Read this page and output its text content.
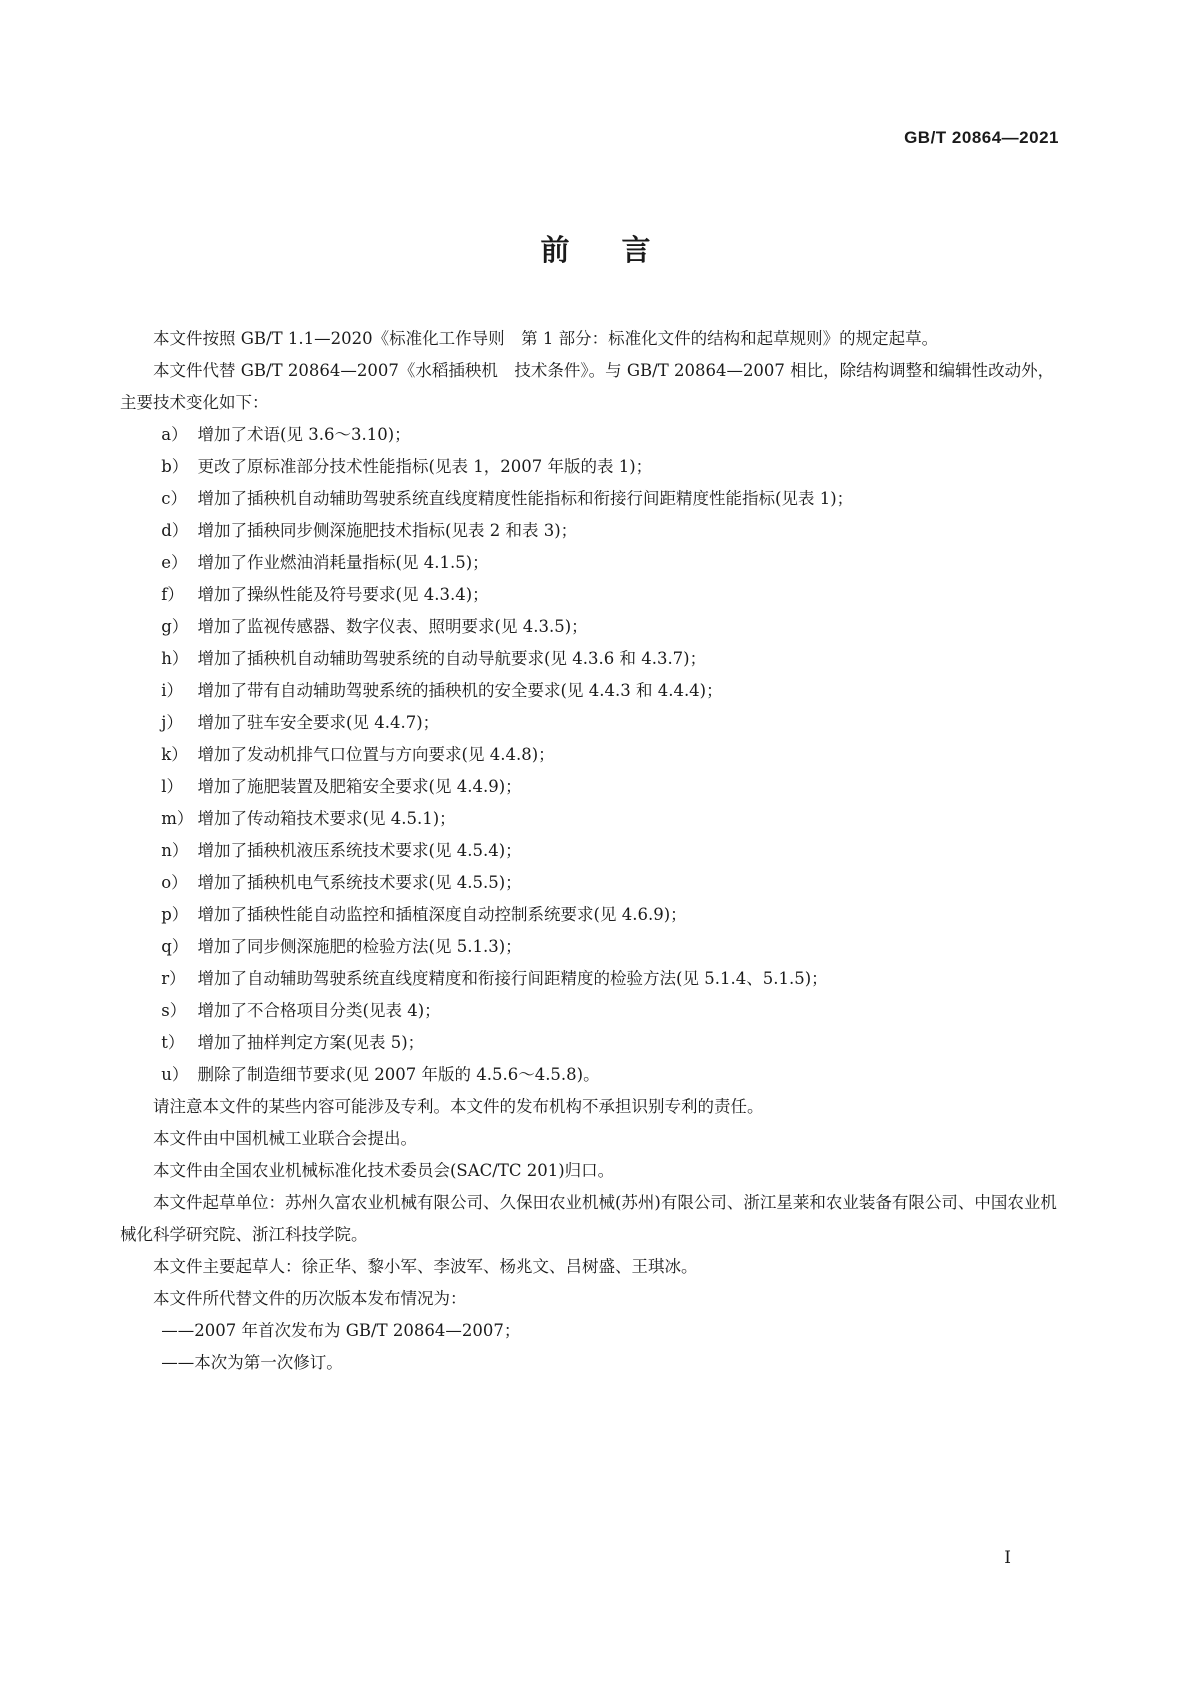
GB/T 20864—2021
前言

本文件按照 GB/T 1.1—2020《标准化工作导则　第 1 部分：标准化文件的结构和起草规则》的规定起草。

本文件代替 GB/T 20864—2007《水稻插秧机　技术条件》。与 GB/T 20864—2007 相比，除结构调整和编辑性改动外，主要技术变化如下：

a） 增加了术语(见 3.6～3.10)；

b） 更改了原标准部分技术性能指标(见表 1，2007 年版的表 1)；

c） 增加了插秧机自动辅助驾驶系统直线度精度性能指标和衔接行间距精度性能指标(见表 1)；

d） 增加了插秧同步侧深施肥技术指标(见表 2 和表 3)；

e） 增加了作业燃油消耗量指标(见 4.1.5)；

f） 增加了操纵性能及符号要求(见 4.3.4)；

g） 增加了监视传感器、数字仪表、照明要求(见 4.3.5)；

h） 增加了插秧机自动辅助驾驶系统的自动导航要求(见 4.3.6 和 4.3.7)；

i） 增加了带有自动辅助驾驶系统的插秧机的安全要求(见 4.4.3 和 4.4.4)；

j） 增加了驻车安全要求(见 4.4.7)；

k） 增加了发动机排气口位置与方向要求(见 4.4.8)；

l） 增加了施肥装置及肥箱安全要求(见 4.4.9)；

m） 增加了传动箱技术要求(见 4.5.1)；

n） 增加了插秧机液压系统技术要求(见 4.5.4)；

o） 增加了插秧机电气系统技术要求(见 4.5.5)；

p） 增加了插秧性能自动监控和插植深度自动控制系统要求(见 4.6.9)；

q） 增加了同步侧深施肥的检验方法(见 5.1.3)；

r） 增加了自动辅助驾驶系统直线度精度和衔接行间距精度的检验方法(见 5.1.4、5.1.5)；

s） 增加了不合格项目分类(见表 4)；

t） 增加了抽样判定方案(见表 5)；

u） 删除了制造细节要求(见 2007 年版的 4.5.6～4.5.8)。

请注意本文件的某些内容可能涉及专利。本文件的发布机构不承担识别专利的责任。

本文件由中国机械工业联合会提出。

本文件由全国农业机械标准化技术委员会(SAC/TC 201)归口。

本文件起草单位：苏州久富农业机械有限公司、久保田农业机械(苏州)有限公司、浙江星莱和农业装备有限公司、中国农业机械化科学研究院、浙江科技学院。

本文件主要起草人：徐正华、黎小军、李波军、杨兆文、吕树盛、王琪冰。

本文件所代替文件的历次版本发布情况为：

——2007 年首次发布为 GB/T 20864—2007；

——本次为第一次修订。

I
